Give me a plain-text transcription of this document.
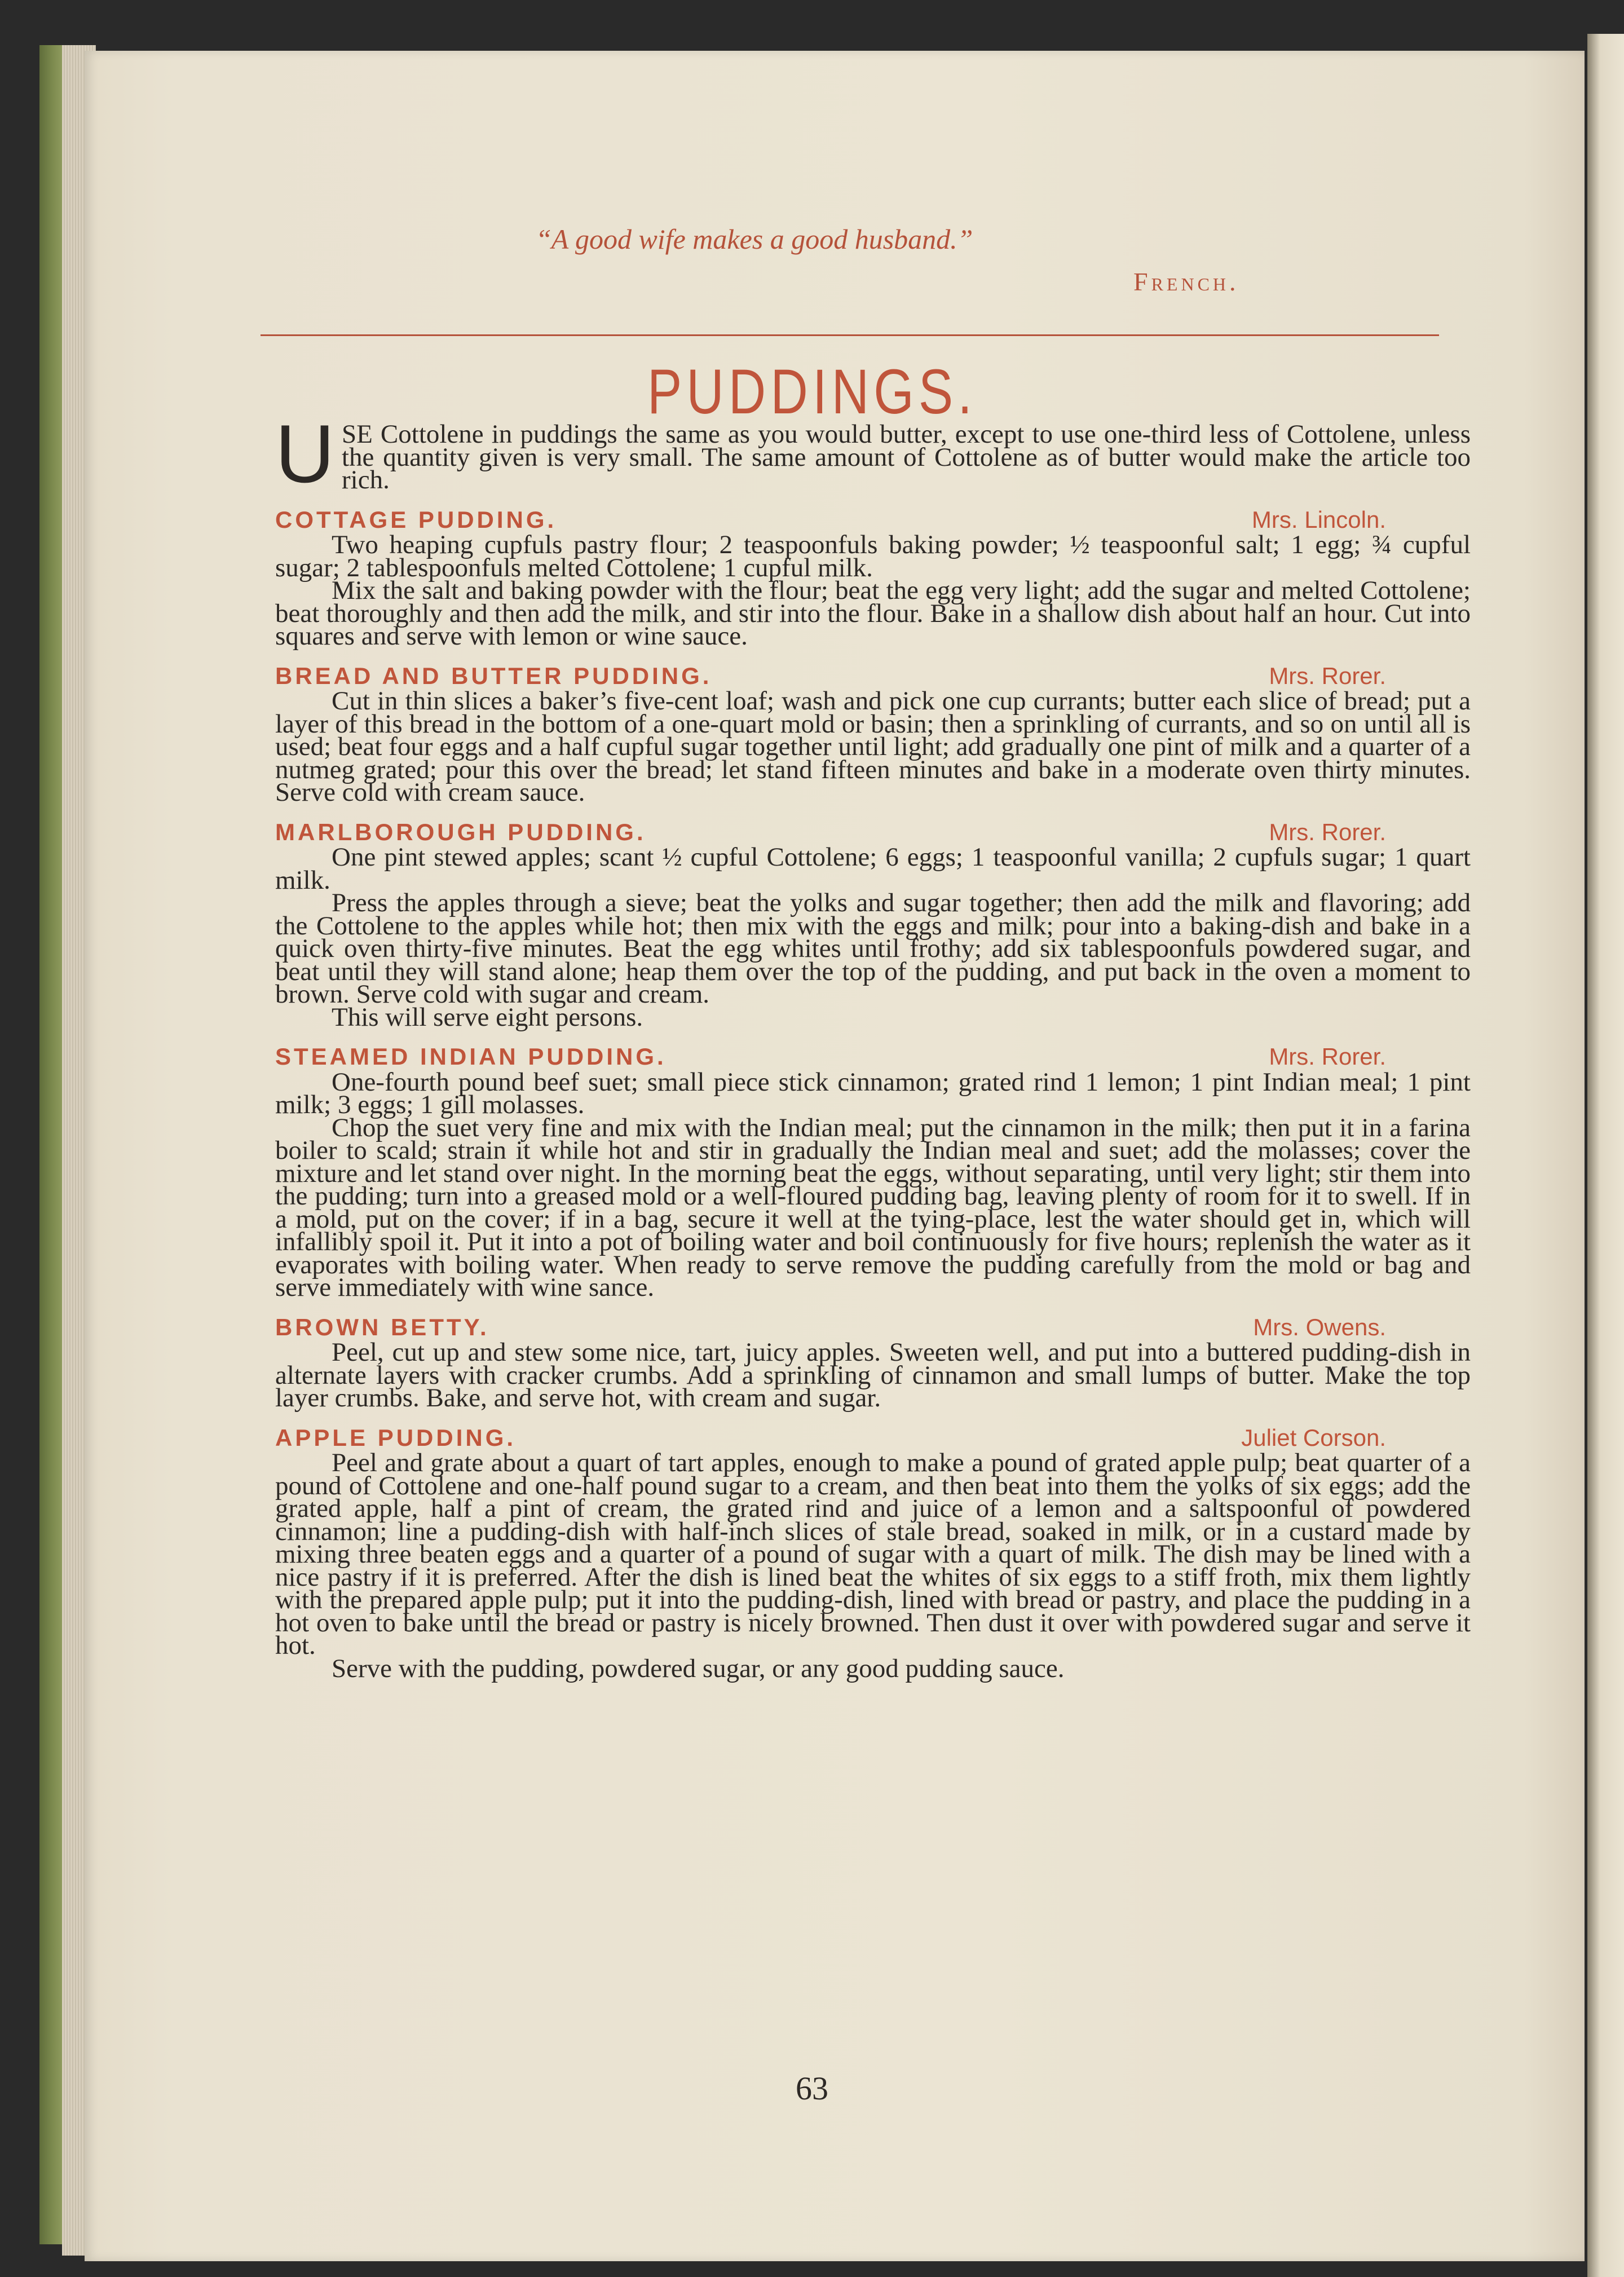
“A good wife makes a good husband.”
French.
PUDDINGS.

U SE Cottolene in puddings the same as you would butter, except to use one-third less of Cottolene, unless the quantity given is very small. The same amount of Cottolene as of butter would make the article too rich.

COTTAGE PUDDING.	Mrs. Lincoln.

Two heaping cupfuls pastry flour; 2 teaspoonfuls baking powder; ½ teaspoonful salt; 1 egg; ¾ cupful sugar; 2 tablespoonfuls melted Cottolene; 1 cupful milk.

Mix the salt and baking powder with the flour; beat the egg very light; add the sugar and melted Cottolene; beat thoroughly and then add the milk, and stir into the flour. Bake in a shallow dish about half an hour. Cut into squares and serve with lemon or wine sauce.

BREAD AND BUTTER PUDDING.	Mrs. Rorer.

Cut in thin slices a baker’s five-cent loaf; wash and pick one cup currants; butter each slice of bread; put a layer of this bread in the bottom of a one-quart mold or basin; then a sprinkling of currants, and so on until all is used; beat four eggs and a half cupful sugar together until light; add gradually one pint of milk and a quarter of a nutmeg grated; pour this over the bread; let stand fifteen minutes and bake in a moderate oven thirty minutes. Serve cold with cream sauce.

MARLBOROUGH PUDDING.	Mrs. Rorer.

One pint stewed apples; scant ½ cupful Cottolene; 6 eggs; 1 teaspoonful vanilla; 2 cupfuls sugar; 1 quart milk.

Press the apples through a sieve; beat the yolks and sugar together; then add the milk and flavoring; add the Cottolene to the apples while hot; then mix with the eggs and milk; pour into a baking-dish and bake in a quick oven thirty-five minutes. Beat the egg whites until frothy; add six tablespoonfuls powdered sugar, and beat until they will stand alone; heap them over the top of the pudding, and put back in the oven a moment to brown. Serve cold with sugar and cream.

This will serve eight persons.

STEAMED INDIAN PUDDING.	Mrs. Rorer.

One-fourth pound beef suet; small piece stick cinnamon; grated rind 1 lemon; 1 pint Indian meal; 1 pint milk; 3 eggs; 1 gill molasses.

Chop the suet very fine and mix with the Indian meal; put the cinnamon in the milk; then put it in a farina boiler to scald; strain it while hot and stir in gradually the Indian meal and suet; add the molasses; cover the mixture and let stand over night. In the morning beat the eggs, without separating, until very light; stir them into the pudding; turn into a greased mold or a well-floured pudding bag, leaving plenty of room for it to swell. If in a mold, put on the cover; if in a bag, secure it well at the tying-place, lest the water should get in, which will infallibly spoil it. Put it into a pot of boiling water and boil continuously for five hours; replenish the water as it evaporates with boiling water. When ready to serve remove the pudding carefully from the mold or bag and serve immediately with wine sance.

BROWN BETTY.	Mrs. Owens.

Peel, cut up and stew some nice, tart, juicy apples. Sweeten well, and put into a buttered pudding-dish in alternate layers with cracker crumbs. Add a sprinkling of cinnamon and small lumps of butter. Make the top layer crumbs. Bake, and serve hot, with cream and sugar.

APPLE PUDDING.	Juliet Corson.

Peel and grate about a quart of tart apples, enough to make a pound of grated apple pulp; beat quarter of a pound of Cottolene and one-half pound sugar to a cream, and then beat into them the yolks of six eggs; add the grated apple, half a pint of cream, the grated rind and juice of a lemon and a saltspoonful of powdered cinnamon; line a pudding-dish with half-inch slices of stale bread, soaked in milk, or in a custard made by mixing three beaten eggs and a quarter of a pound of sugar with a quart of milk. The dish may be lined with a nice pastry if it is preferred. After the dish is lined beat the whites of six eggs to a stiff froth, mix them lightly with the prepared apple pulp; put it into the pudding-dish, lined with bread or pastry, and place the pudding in a hot oven to bake until the bread or pastry is nicely browned. Then dust it over with powdered sugar and serve it hot.

Serve with the pudding, powdered sugar, or any good pudding sauce.

63
